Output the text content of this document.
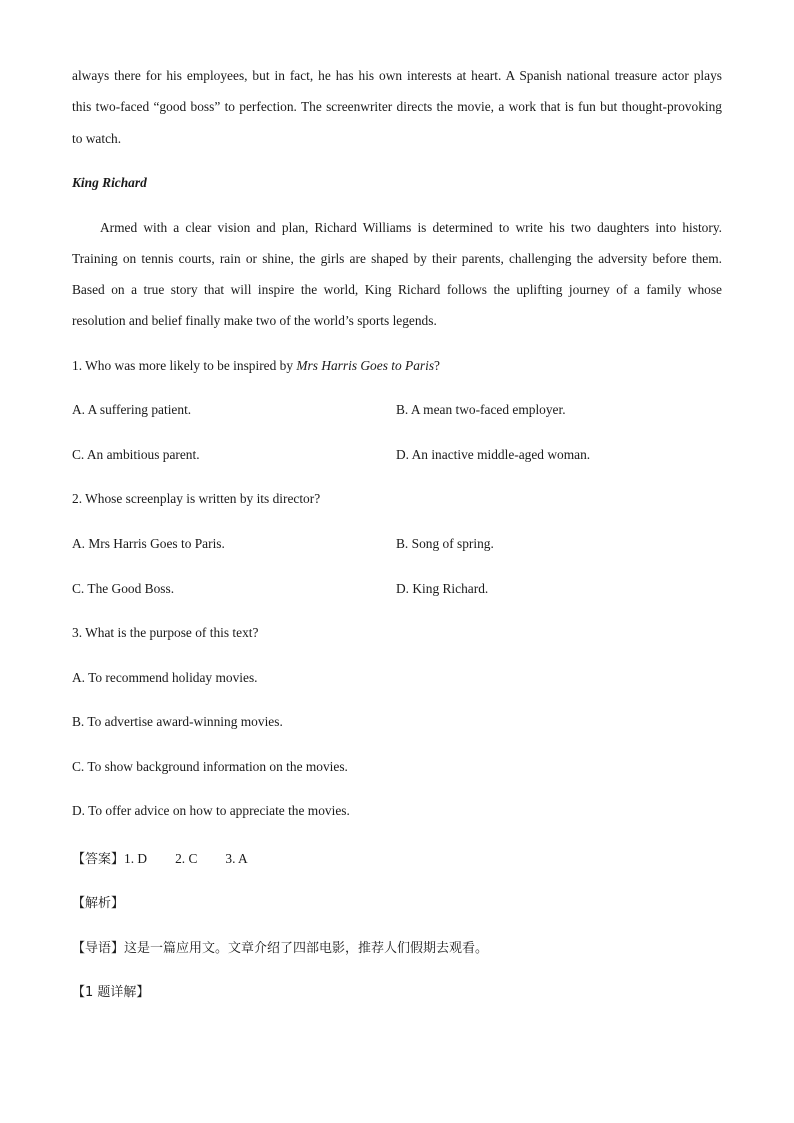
always there for his employees, but in fact, he has his own interests at heart. A Spanish national treasure actor plays
this two-faced “good boss” to perfection. The screenwriter directs the movie, a work that is fun but thought-provoking
to watch.
King Richard
Armed with a clear vision and plan, Richard Williams is determined to write his two daughters into history.
Training on tennis courts, rain or shine, the girls are shaped by their parents, challenging the adversity before them.
Based on a true story that will inspire the world, King Richard follows the uplifting journey of a family whose
resolution and belief finally make two of the world’s sports legends.
1. Who was more likely to be inspired by Mrs Harris Goes to Paris?
A. A suffering patient.	B. A mean two-faced employer.
C. An ambitious parent.	D. An inactive middle-aged woman.
2. Whose screenplay is written by its director?
A. Mrs Harris Goes to Paris.	B. Song of spring.
C. The Good Boss.	D. King Richard.
3. What is the purpose of this text?
A. To recommend holiday movies.
B. To advertise award-winning movies.
C. To show background information on the movies.
D. To offer advice on how to appreciate the movies.
【答案】1. D 2. C 3. A
【解析】
【导语】这是一篇应用文。文章介绍了四部电影，推荐人们假期去观看。
【1 题详解】
